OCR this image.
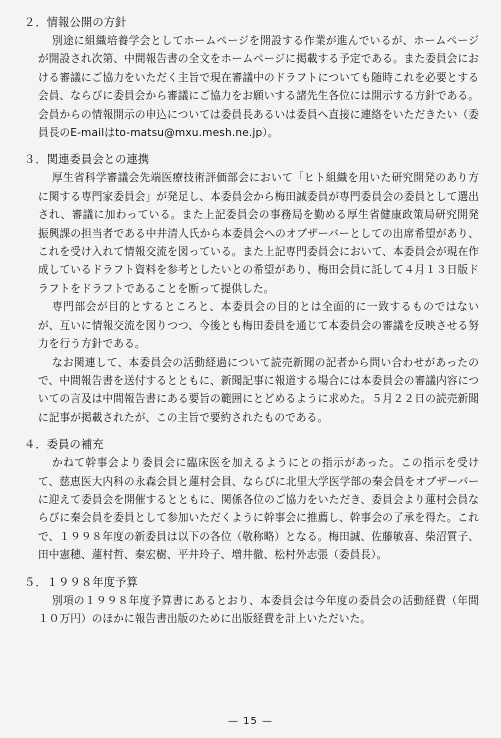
２．情報公開の方針

別途に組織培養学会としてホームページを開設する作業が進んでいるが、ホームページが開設され次第、中間報告書の全文をホームページに掲載する予定である。また委員会における審議にご協力をいただく主旨で現在審議中のドラフトについても随時これを必要とする会員、ならびに委員会から審議にご協力をお願いする諸先生各位には開示する方針である。会員からの情報開示の申込については委員長あるいは委員へ直接に連絡をいただきたい（委員長のE-mailはto-matsu@mxu.mesh.ne.jp）。

３．関連委員会との連携

厚生省科学審議会先端医療技術評価部会において「ヒト組織を用いた研究開発のあり方に関する専門家委員会」が発足し、本委員会から梅田誠委員が専門委員会の委員として選出され、審議に加わっている。また上記委員会の事務局を勤める厚生省健康政策局研究開発振興課の担当者である中井清人氏から本委員会へのオブザーバーとしての出席希望があり、これを受け入れて情報交流を図っている。また上記専門委員会において、本委員会が現在作成しているドラフト資料を参考としたいとの希望があり、梅田会員に託して４月１３日版ドラフトをドラフトであることを断って提供した。

専門部会が目的とするところと、本委員会の目的とは全面的に一致するものではないが、互いに情報交流を図りつつ、今後とも梅田委員を通じて本委員会の審議を反映させる努力を行う方針である。

なお関連して、本委員会の活動経過について読売新聞の記者から問い合わせがあったので、中間報告書を送付するとともに、新聞記事に報道する場合には本委員会の審議内容についての言及は中間報告書にある要旨の範囲にとどめるように求めた。５月２２日の読売新聞に記事が掲載されたが、この主旨で要約されたものである。

４．委員の補充

かねて幹事会より委員会に臨床医を加えるようにとの指示があった。この指示を受けて、慈恵医大内科の永森会員と蓮村会員、ならびに北里大学医学部の秦会員をオブザーバーに迎えて委員会を開催するとともに、関係各位のご協力をいただき、委員会より蓮村会員ならびに秦会員を委員として参加いただくように幹事会に推薦し、幹事会の了承を得た。これで、１９９８年度の新委員は以下の各位（敬称略）となる。梅田誠、佐藤敏喜、柴沼質子、田中憲穂、蓮村哲、秦宏樹、平井玲子、増井徹、松村外志張（委員長）。

５．１９９８年度予算

別項の１９９８年度予算書にあるとおり、本委員会は今年度の委員会の活動経費（年間１０万円）のほかに報告書出版のために出版経費を計上いただいた。

— 15 —
